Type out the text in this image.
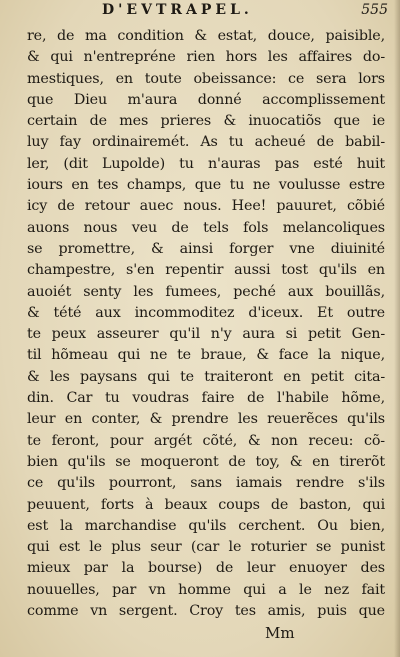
D'EVTRAPEL.	555
re, de ma condition & estat, douce, paisible,
& qui n'entrepréne rien hors les affaires do-
mestiques, en toute obeissance: ce sera lors
que Dieu m'aura donné accomplissement
certain de mes prieres & inuocatiõs que ie
luy fay ordinairemét. As tu acheué de babil-
ler, (dit Lupolde) tu n'auras pas esté huit
iours en tes champs, que tu ne voulusse estre
icy de retour auec nous. Hee! pauuret, cõbié
auons nous veu de tels fols melancoliques
se promettre, & ainsi forger vne diuinité
champestre, s'en repentir aussi tost qu'ils en
auoiét senty les fumees, peché aux bouillãs,
& tété aux incommoditez d'iceux. Et outre
te peux asseurer qu'il n'y aura si petit Gen-
til hõmeau qui ne te braue, & face la nique,
& les paysans qui te traiteront en petit cita-
din. Car tu voudras faire de l'habile hõme,
leur en conter, & prendre les reuerẽces qu'ils
te feront, pour argét cõté, & non receu: cõ-
bien qu'ils se moqueront de toy, & en tirerõt
ce qu'ils pourront, sans iamais rendre s'ils
peuuent, forts à beaux coups de baston, qui
est la marchandise qu'ils cerchent. Ou bien,
qui est le plus seur (car le roturier se punist
mieux par la bourse) de leur enuoyer des
nouuelles, par vn homme qui a le nez fait
comme vn sergent. Croy tes amis, puis que
Mm
